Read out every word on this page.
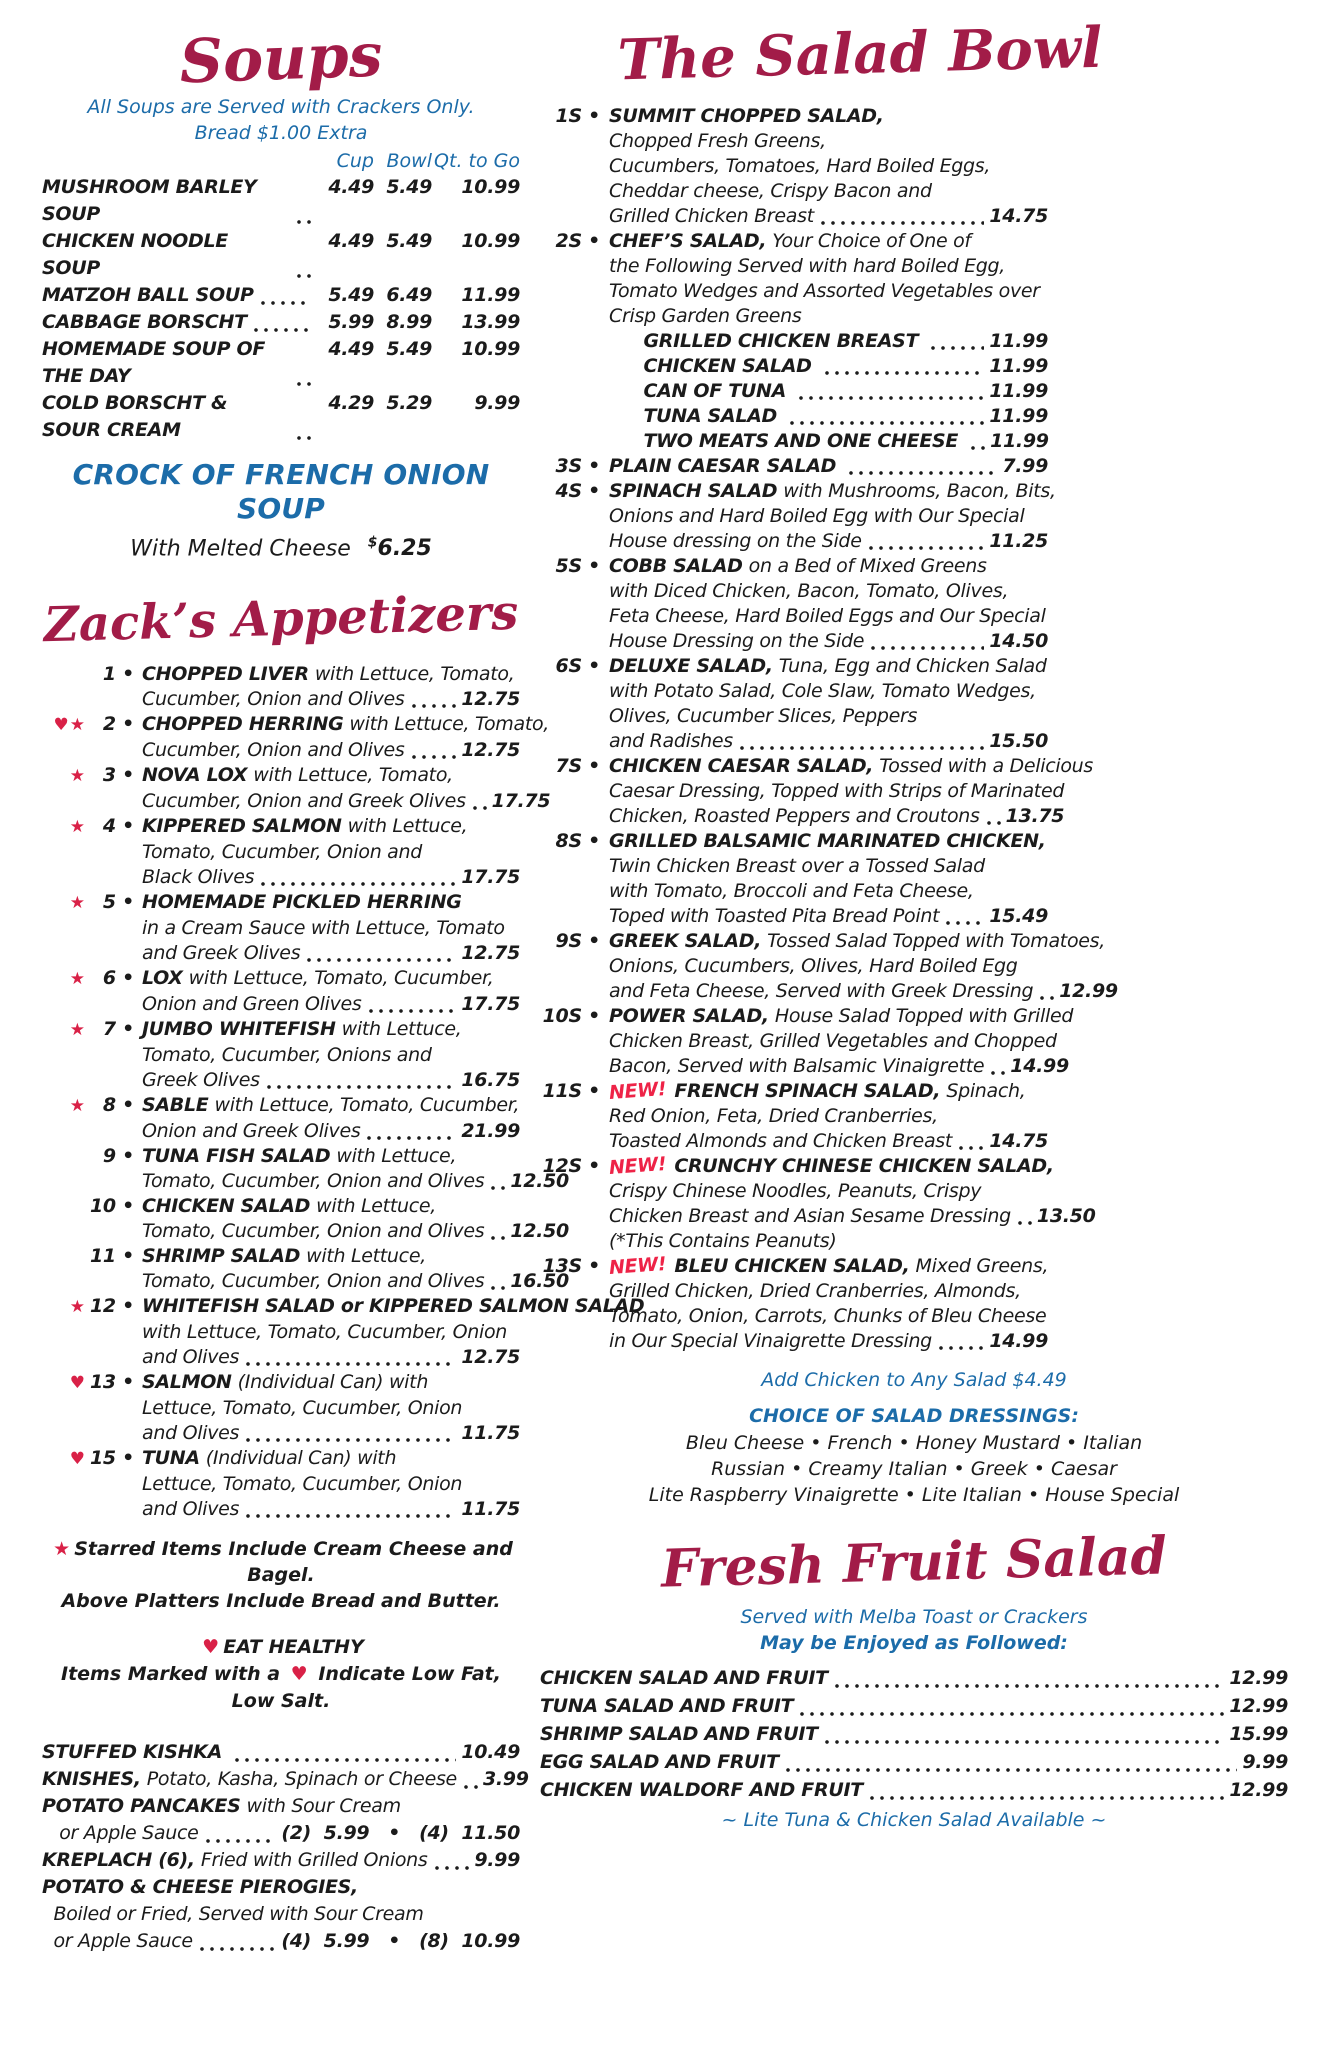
Soups
All Soups are Served with Crackers Only.
Bread $1.00 Extra
Cup Bowl Qt. to Go
MUSHROOM BARLEY SOUP
4.49 5.49	10.99
CHICKEN NOODLE SOUP
4.49 5.49	10.99
MATZOH BALL SOUP	5.49 6.49	11.99
CABBAGE BORSCHT	5.99 8.99	13.99
HOMEMADE SOUP OF THE DAY
4.49 5.49	10.99
COLD BORSCHT & SOUR CREAM
4.29 5.29	9.99
CROCK OF FRENCH ONION SOUP
With Melted Cheese $6.25
Zack’s Appetizers
1 • CHOPPED LIVER with Lettuce, Tomato,
Cucumber, Onion and Olives	12.75
♥★ 2 • CHOPPED HERRING with Lettuce, Tomato,
Cucumber, Onion and Olives	12.75
★ 3 • NOVA LOX with Lettuce, Tomato,
Cucumber, Onion and Greek Olives 17.75
★ 4 • KIPPERED SALMON with Lettuce,
Tomato, Cucumber, Onion and
Black Olives	17.75
★ 5 • HOMEMADE PICKLED HERRING
in a Cream Sauce with Lettuce, Tomato
and Greek Olives	12.75
★ 6 • LOX with Lettuce, Tomato, Cucumber,
Onion and Green Olives	17.75
★ 7 • JUMBO WHITEFISH with Lettuce,
Tomato, Cucumber, Onions and
Greek Olives	16.75
★ 8 • SABLE with Lettuce, Tomato, Cucumber,
Onion and Greek Olives	21.99
9 • TUNA FISH SALAD with Lettuce,
Tomato, Cucumber, Onion and Olives 12.50
10 • CHICKEN SALAD with Lettuce,
Tomato, Cucumber, Onion and Olives 12.50
11 • SHRIMP SALAD with Lettuce,
Tomato, Cucumber, Onion and Olives 16.50
★ 12 • WHITEFISH SALAD or KIPPERED SALMON SALAD
with Lettuce, Tomato, Cucumber, Onion
and Olives	12.75
♥ 13 • SALMON (Individual Can) with
Lettuce, Tomato, Cucumber, Onion
and Olives	11.75
♥ 15 • TUNA (Individual Can) with
Lettuce, Tomato, Cucumber, Onion
and Olives	11.75
★ Starred Items Include Cream Cheese and Bagel.
Above Platters Include Bread and Butter.
♥ EAT HEALTHY
Items Marked with a ♥ Indicate Low Fat, Low Salt.
STUFFED KISHKA	10.49
KNISHES, Potato, Kasha, Spinach or Cheese 3.99
POTATO PANCAKES with Sour Cream

or Apple Sauce	(2)  5.99   •   (4)  11.50
KREPLACH (6), Fried with Grilled Onions 9.99
POTATO & CHEESE PIEROGIES,

Boiled or Fried, Served with Sour Cream

or Apple Sauce	(4)  5.99   •   (8)  10.99
The Salad Bowl
1S • SUMMIT CHOPPED SALAD,
Chopped Fresh Greens,
Cucumbers, Tomatoes, Hard Boiled Eggs,
Cheddar cheese, Crispy Bacon and
Grilled Chicken Breast	14.75
2S • CHEF’S SALAD, Your Choice of One of
the Following Served with hard Boiled Egg,
Tomato Wedges and Assorted Vegetables over
Crisp Garden Greens

GRILLED CHICKEN BREAST	11.99

CHICKEN SALAD	11.99

CAN OF TUNA	11.99

TUNA SALAD	11.99

TWO MEATS AND ONE CHEESE 11.99
3S • PLAIN CAESAR SALAD	7.99
4S • SPINACH SALAD with Mushrooms, Bacon, Bits,
Onions and Hard Boiled Egg with Our Special
House dressing on the Side	11.25
5S • COBB SALAD on a Bed of Mixed Greens
with Diced Chicken, Bacon, Tomato, Olives,
Feta Cheese, Hard Boiled Eggs and Our Special
House Dressing on the Side	14.50
6S • DELUXE SALAD, Tuna, Egg and Chicken Salad
with Potato Salad, Cole Slaw, Tomato Wedges,
Olives, Cucumber Slices, Peppers
and Radishes	15.50
7S • CHICKEN CAESAR SALAD, Tossed with a Delicious
Caesar Dressing, Topped with Strips of Marinated
Chicken, Roasted Peppers and Croutons 13.75
8S • GRILLED BALSAMIC MARINATED CHICKEN,
Twin Chicken Breast over a Tossed Salad
with Tomato, Broccoli and Feta Cheese,
Toped with Toasted Pita Bread Point	15.49
9S • GREEK SALAD, Tossed Salad Topped with Tomatoes,
Onions, Cucumbers, Olives, Hard Boiled Egg
and Feta Cheese, Served with Greek Dressing 12.99
10S • POWER SALAD, House Salad Topped with Grilled
Chicken Breast, Grilled Vegetables and Chopped
Bacon, Served with Balsamic Vinaigrette 14.99
11S • NEW! FRENCH SPINACH SALAD, Spinach,
Red Onion, Feta, Dried Cranberries,
Toasted Almonds and Chicken Breast 14.75
12S • NEW! CRUNCHY CHINESE CHICKEN SALAD,
Crispy Chinese Noodles, Peanuts, Crispy
Chicken Breast and Asian Sesame Dressing 13.50
(*This Contains Peanuts)
13S • NEW! BLEU CHICKEN SALAD, Mixed Greens,
Grilled Chicken, Dried Cranberries, Almonds,
Tomato, Onion, Carrots, Chunks of Bleu Cheese
in Our Special Vinaigrette Dressing	14.99
Add Chicken to Any Salad $4.49
CHOICE OF SALAD DRESSINGS:
Bleu Cheese • French • Honey Mustard • Italian
Russian • Creamy Italian • Greek • Caesar
Lite Raspberry Vinaigrette • Lite Italian • House Special
Fresh Fruit Salad
Served with Melba Toast or Crackers
May be Enjoyed as Followed:
CHICKEN SALAD AND FRUIT	12.99
TUNA SALAD AND FRUIT	12.99
SHRIMP SALAD AND FRUIT	15.99
EGG SALAD AND FRUIT	9.99
CHICKEN WALDORF AND FRUIT	12.99
~ Lite Tuna & Chicken Salad Available ~
